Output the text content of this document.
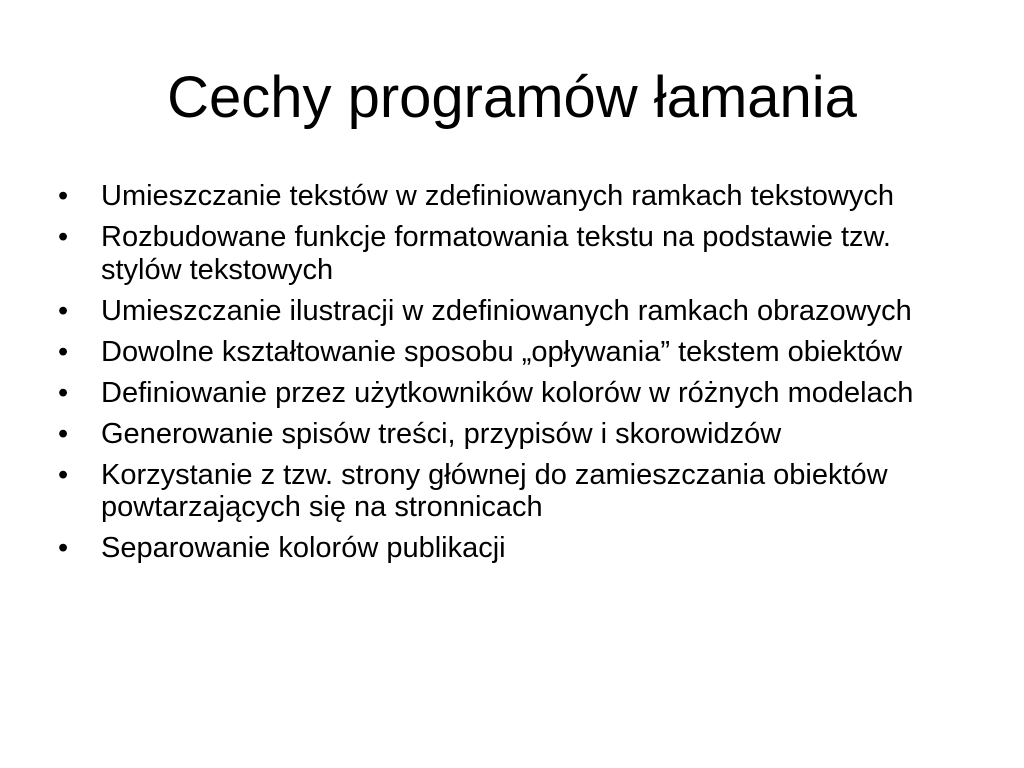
Cechy programów łamania
•	Umieszczanie tekstów w zdefiniowanych ramkach tekstowych
•	Rozbudowane funkcje formatowania tekstu na podstawie tzw. stylów tekstowych
•	Umieszczanie ilustracji w zdefiniowanych ramkach obrazowych
•	Dowolne kształtowanie sposobu „opływania” tekstem obiektów
•	Definiowanie przez użytkowników kolorów w różnych modelach
•	Generowanie spisów treści, przypisów i skorowidzów
•	Korzystanie z tzw. strony głównej do zamieszczania obiektów powtarzających się na stronnicach
•	Separowanie kolorów publikacji
